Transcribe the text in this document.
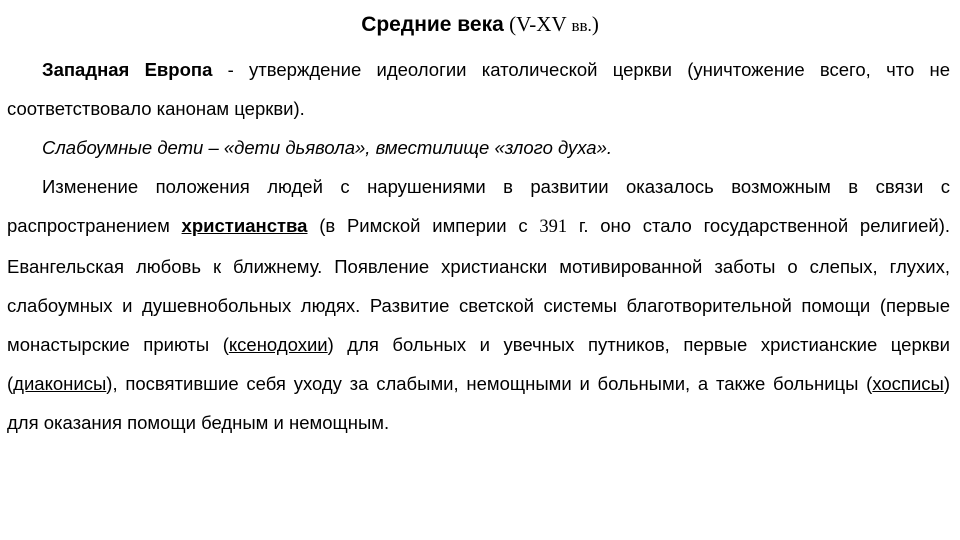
Средние века (V-XV вв.)

Западная Европа - утверждение идеологии католической церкви (уничтожение всего, что не соответствовало канонам церкви).

Слабоумные дети – «дети дьявола», вместилище «злого духа».

Изменение положения людей с нарушениями в развитии оказалось возможным в связи с распространением христианства (в Римской империи с 391 г. оно стало государственной религией). Евангельская любовь к ближнему. Появление христиански мотивированной заботы о слепых, глухих, слабоумных и душевнобольных людях. Развитие светской системы благотворительной помощи (первые монастырские приюты (ксенодохии) для больных и увечных путников, первые христианские церкви (диаконисы), посвятившие себя уходу за слабыми, немощными и больными, а также больницы (хосписы) для оказания помощи бедным и немощным.
